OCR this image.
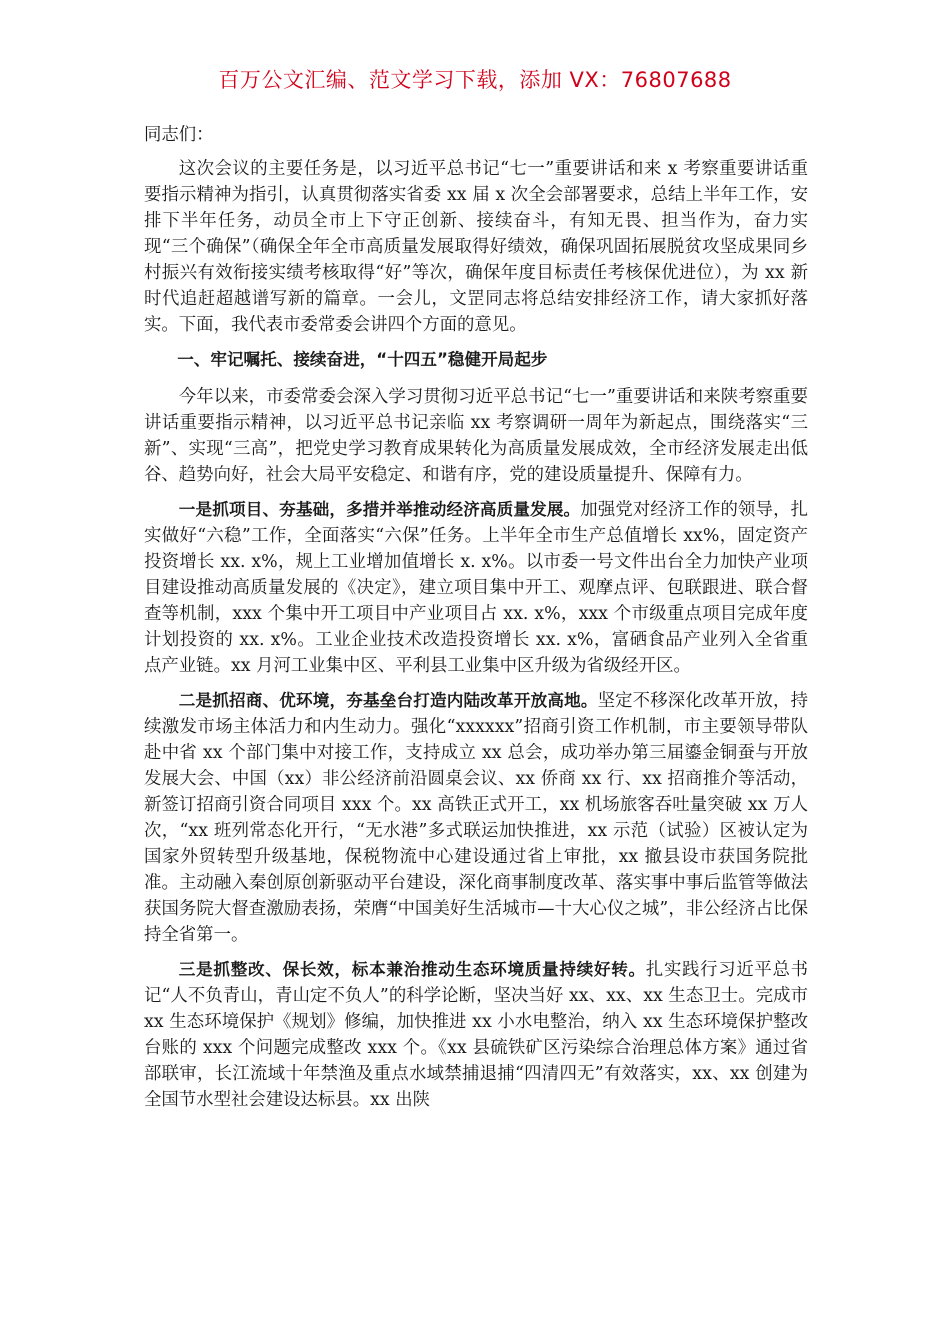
百万公文汇编、范文学习下载，添加 VX：76807688

同志们：

这次会议的主要任务是，以习近平总书记“七一”重要讲话和来 x 考察重要讲话重要指示精神为指引，认真贯彻落实省委 xx 届 x 次全会部署要求，总结上半年工作，安排下半年任务，动员全市上下守正创新、接续奋斗，有知无畏、担当作为，奋力实现“三个确保”（确保全年全市高质量发展取得好绩效，确保巩固拓展脱贫攻坚成果同乡村振兴有效衔接实绩考核取得“好”等次，确保年度目标责任考核保优进位），为 xx 新时代追赶超越谱写新的篇章。一会儿，文罡同志将总结安排经济工作，请大家抓好落实。下面，我代表市委常委会讲四个方面的意见。

一、牢记嘱托、接续奋进，“十四五”稳健开局起步

今年以来，市委常委会深入学习贯彻习近平总书记“七一”重要讲话和来陕考察重要讲话重要指示精神，以习近平总书记亲临 xx 考察调研一周年为新起点，围绕落实“三新”、实现“三高”，把党史学习教育成果转化为高质量发展成效，全市经济发展走出低谷、趋势向好，社会大局平安稳定、和谐有序，党的建设质量提升、保障有力。

一是抓项目、夯基础，多措并举推动经济高质量发展。加强党对经济工作的领导，扎实做好“六稳”工作，全面落实“六保”任务。上半年全市生产总值增长 xx%，固定资产投资增长 xx. x%，规上工业增加值增长 x. x%。以市委一号文件出台全力加快产业项目建设推动高质量发展的《决定》，建立项目集中开工、观摩点评、包联跟进、联合督查等机制，xxx 个集中开工项目中产业项目占 xx. x%，xxx 个市级重点项目完成年度计划投资的 xx. x%。工业企业技术改造投资增长 xx. x%，富硒食品产业列入全省重点产业链。xx 月河工业集中区、平利县工业集中区升级为省级经开区。

二是抓招商、优环境，夯基垒台打造内陆改革开放高地。坚定不移深化改革开放，持续激发市场主体活力和内生动力。强化“xxxxxx”招商引资工作机制，市主要领导带队赴中省 xx 个部门集中对接工作，支持成立 xx 总会，成功举办第三届鎏金铜蚕与开放发展大会、中国（xx）非公经济前沿圆桌会议、xx 侨商 xx 行、xx 招商推介等活动，新签订招商引资合同项目 xxx 个。xx 高铁正式开工，xx 机场旅客吞吐量突破 xx 万人次，“xx 班列常态化开行，“无水港”多式联运加快推进，xx 示范（试验）区被认定为国家外贸转型升级基地，保税物流中心建设通过省上审批，xx 撤县设市获国务院批准。主动融入秦创原创新驱动平台建设，深化商事制度改革、落实事中事后监管等做法获国务院大督查激励表扬，荣膺“中国美好生活城市—十大心仪之城”，非公经济占比保持全省第一。

三是抓整改、保长效，标本兼治推动生态环境质量持续好转。扎实践行习近平总书记“人不负青山，青山定不负人”的科学论断，坚决当好 xx、xx、xx 生态卫士。完成市 xx 生态环境保护《规划》修编，加快推进 xx 小水电整治，纳入 xx 生态环境保护整改台账的 xxx 个问题完成整改 xxx 个。《xx 县硫铁矿区污染综合治理总体方案》通过省部联审，长江流域十年禁渔及重点水域禁捕退捕“四清四无”有效落实，xx、xx 创建为全国节水型社会建设达标县。xx 出陕
